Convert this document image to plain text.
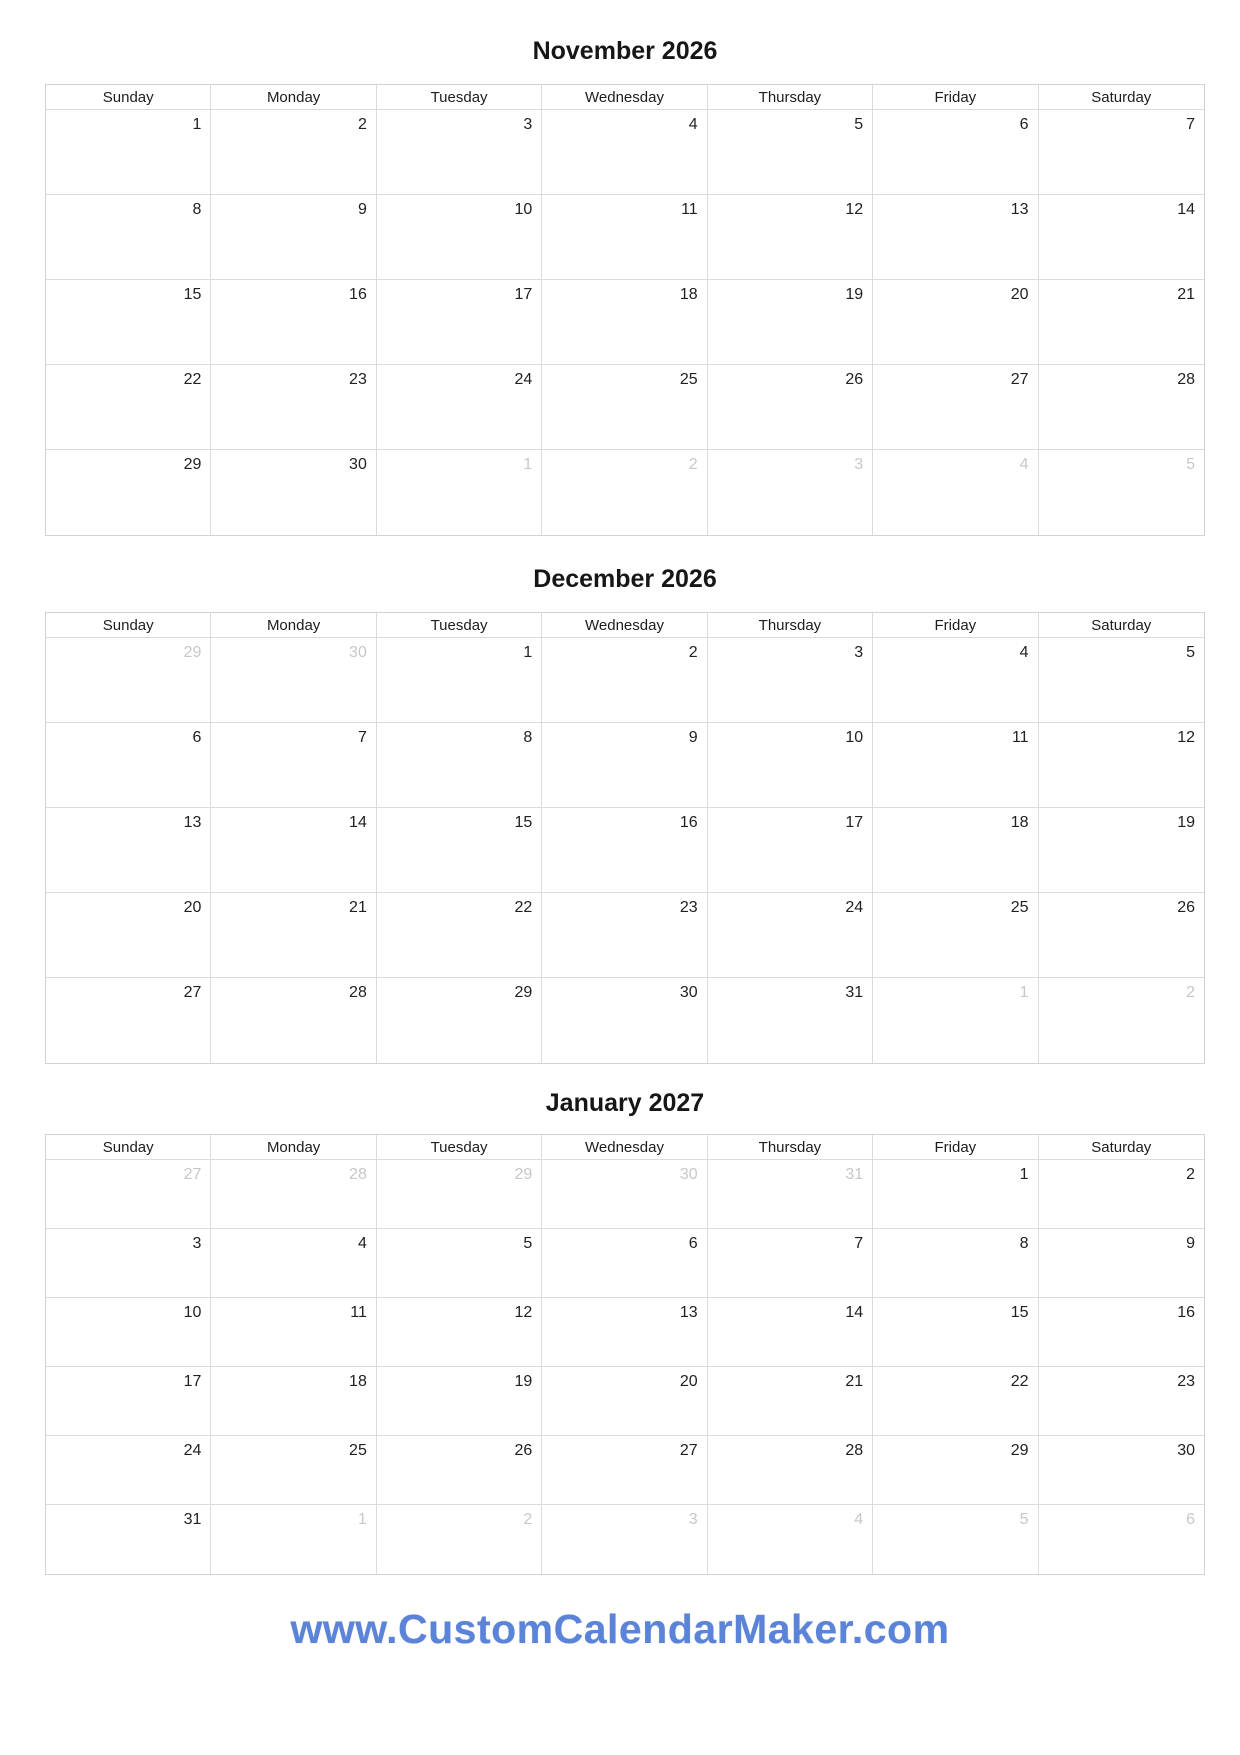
November 2026
Sunday	Monday	Tuesday	Wednesday	Thursday	Friday	Saturday
1	2	3	4	5	6	7
8	9	10	11	12	13	14
15	16	17	18	19	20	21
22	23	24	25	26	27	28
29	30	1	2	3	4	5
December 2026
Sunday	Monday	Tuesday	Wednesday	Thursday	Friday	Saturday
29	30	1	2	3	4	5
6	7	8	9	10	11	12
13	14	15	16	17	18	19
20	21	22	23	24	25	26
27	28	29	30	31	1	2
January 2027
Sunday	Monday	Tuesday	Wednesday	Thursday	Friday	Saturday
27	28	29	30	31	1	2
3	4	5	6	7	8	9
10	11	12	13	14	15	16
17	18	19	20	21	22	23
24	25	26	27	28	29	30
31	1	2	3	4	5	6
www.CustomCalendarMaker.com
